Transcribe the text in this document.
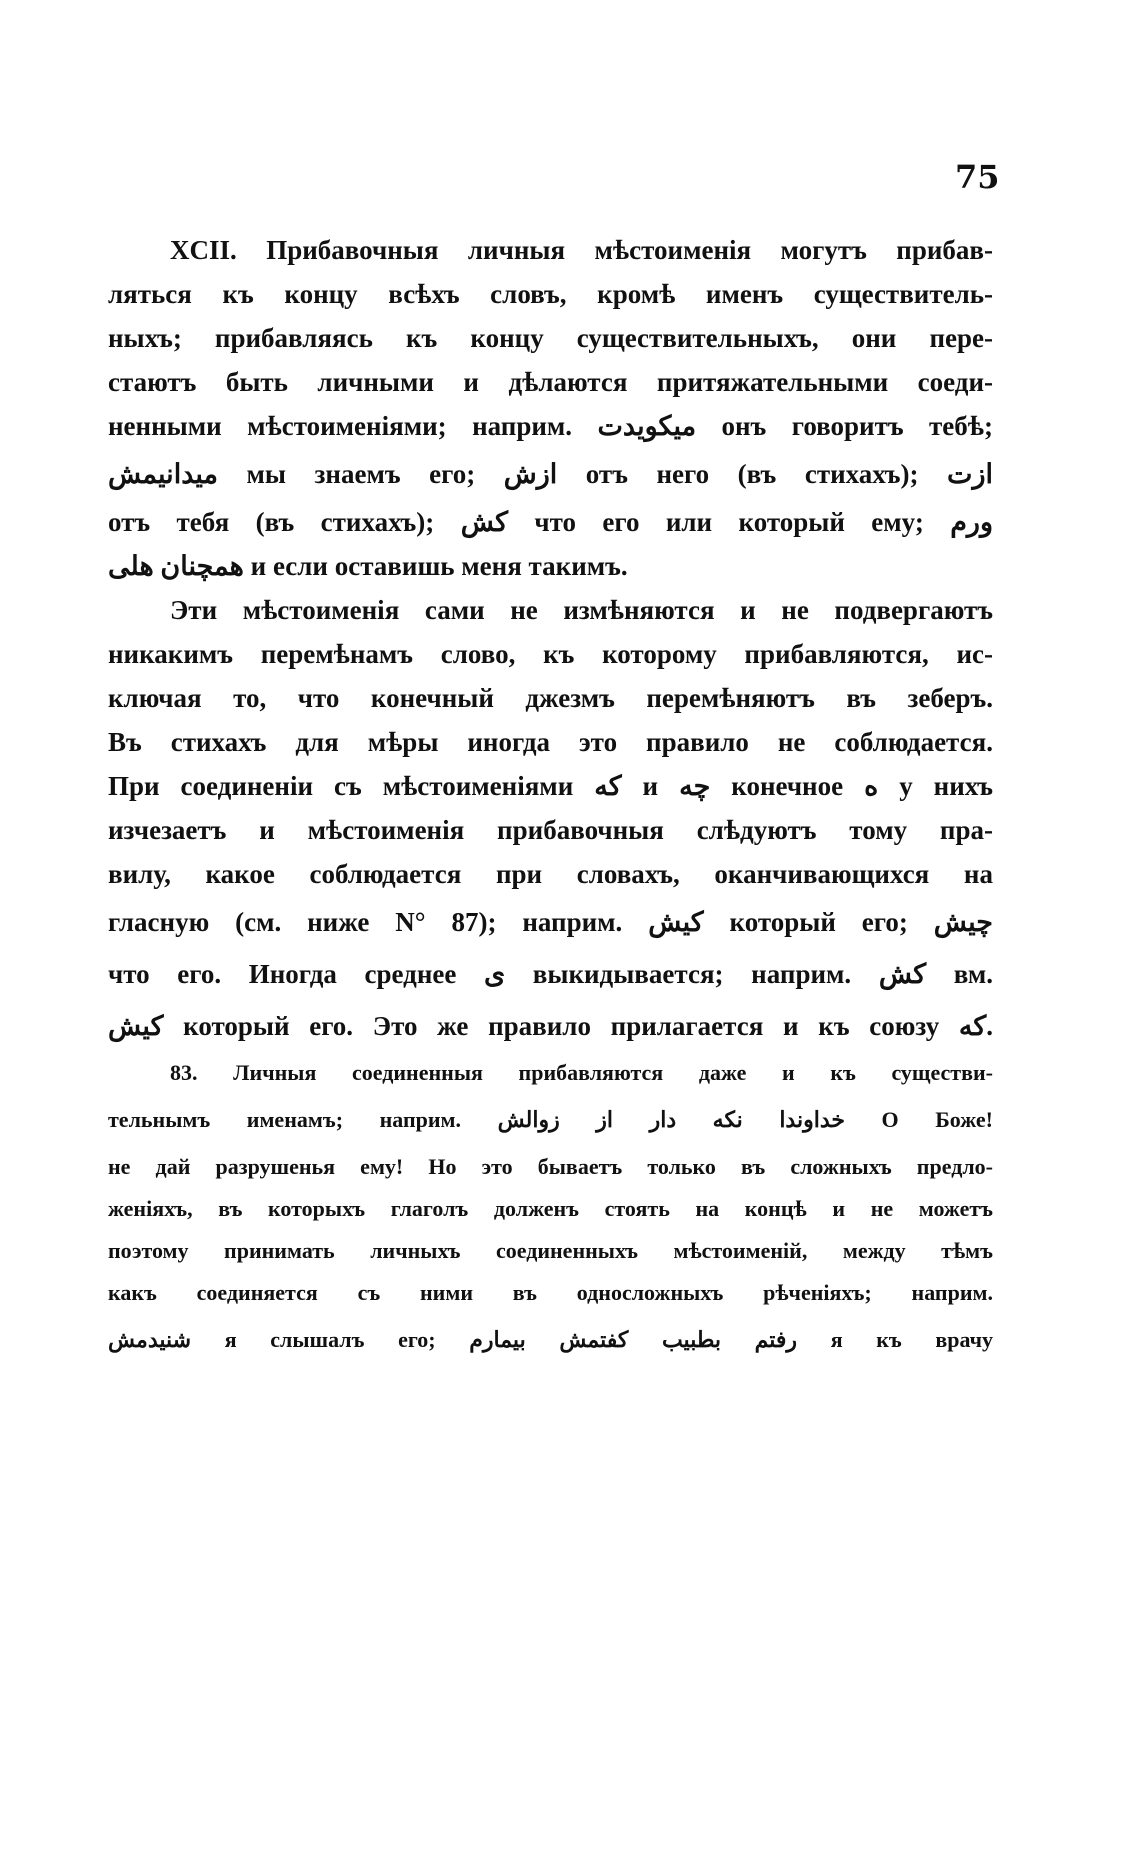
75
XCII. Прибавочныя личныя мѣстоименія могутъ прибав-
ляться къ концу всѣхъ словъ, кромѣ именъ существитель-
ныхъ; прибавляясь къ концу существительныхъ, они пере-
стаютъ быть личными и дѣлаются притяжательными соеди-
ненными мѣстоименіями; наприм. میکویدت онъ говоритъ тебѣ;
میدانیمش мы знаемъ его; ازش отъ него (въ стихахъ); ازت
отъ тебя (въ стихахъ); کش что его или который ему; ورم
همچنان هلی и если оставишь меня такимъ.
Эти мѣстоименія сами не измѣняются и не подвергаютъ
никакимъ перемѣнамъ слово, къ которому прибавляются, ис-
ключая то, что конечный джезмъ перемѣняютъ въ зеберъ.
Въ стихахъ для мѣры иногда это правило не соблюдается.
При соединеніи съ мѣстоименіями که и چه конечное ه у нихъ
изчезаетъ и мѣстоименія прибавочныя слѣдуютъ тому пра-
вилу, какое соблюдается при словахъ, оканчивающихся на
гласную (см. ниже N° 87); наприм. کیش который его; چیش
что его. Иногда среднее ی выкидывается; наприм. کش вм.
کیش который его. Это же правило прилагается и къ союзу که.
83. Личныя соединенныя прибавляются даже и къ существи-
тельнымъ именамъ; наприм. خداوندا نکه دار از زوالش О Боже!
не дай разрушенья ему! Но это бываетъ только въ сложныхъ предло-
женіяхъ, въ которыхъ глаголъ долженъ стоять на концѣ и не можетъ
поэтому принимать личныхъ соединенныхъ мѣстоименій, между тѣмъ
какъ соединяется съ ними въ односложныхъ рѣченіяхъ; наприм.
شنیدمش я слышалъ его; رفتم بطبیب کفتمش بیمارم я къ врачу
